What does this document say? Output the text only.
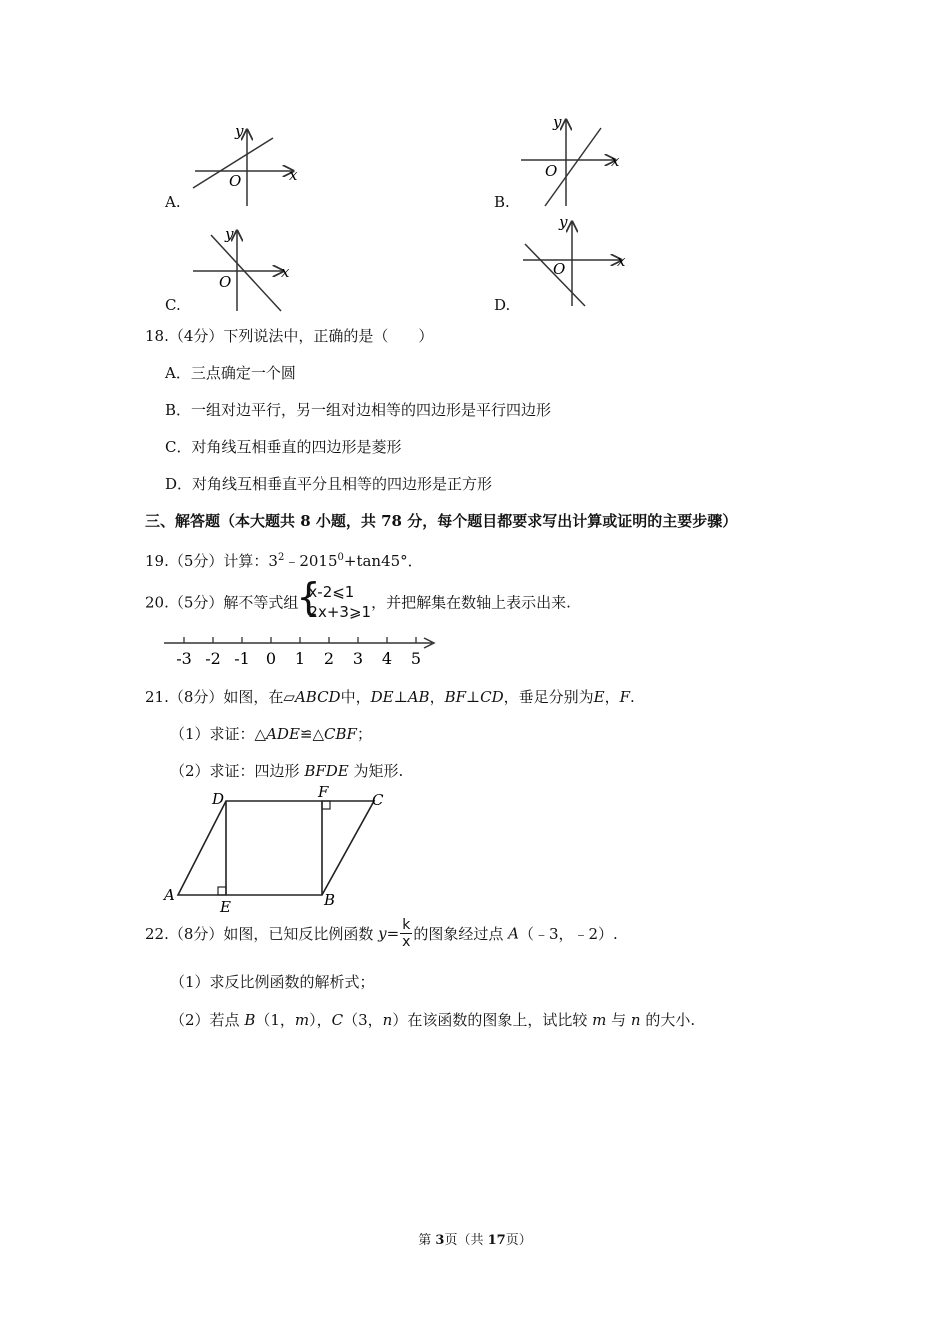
A.
x
y
O
B.
x
y
O
C.
x
y
O
D.
x
y
O
18.（4分）下列说法中，正确的是（　　）
A．三点确定一个圆
B．一组对边平行，另一组对边相等的四边形是平行四边形
C．对角线互相垂直的四边形是菱形
D．对角线互相垂直平分且相等的四边形是正方形
三、解答题（本大题共 8 小题，共 78 分，每个题目都要求写出计算或证明的主要步骤）
19.（5分）计算：$3^2﹣2015^0+\tan 45^\circ$．
20.（5分）解不等式组
{
x-2⩽1
2x+3⩾1
，并把解集在数轴上表示出来.
-3 -2 -1 0 1 2 3 4 5
21.（8分）如图，在▱ABCD中，DE⊥AB，BF⊥CD，垂足分别为E，F.
（1）求证：△ADE≌△CBF；
（2）求证：四边形 BFDE 为矩形.
A	B
C
D
E
F
22.（8分）如图，已知反比例函数 $y= \frac{k}{x}$ 的图象经过点 A（﹣3，﹣2）.
（1）求反比例函数的解析式；
（2）若点 B（1，m），C（3，n）在该函数的图象上，试比较 m 与 n 的大小.
第 3页（共 17页）
